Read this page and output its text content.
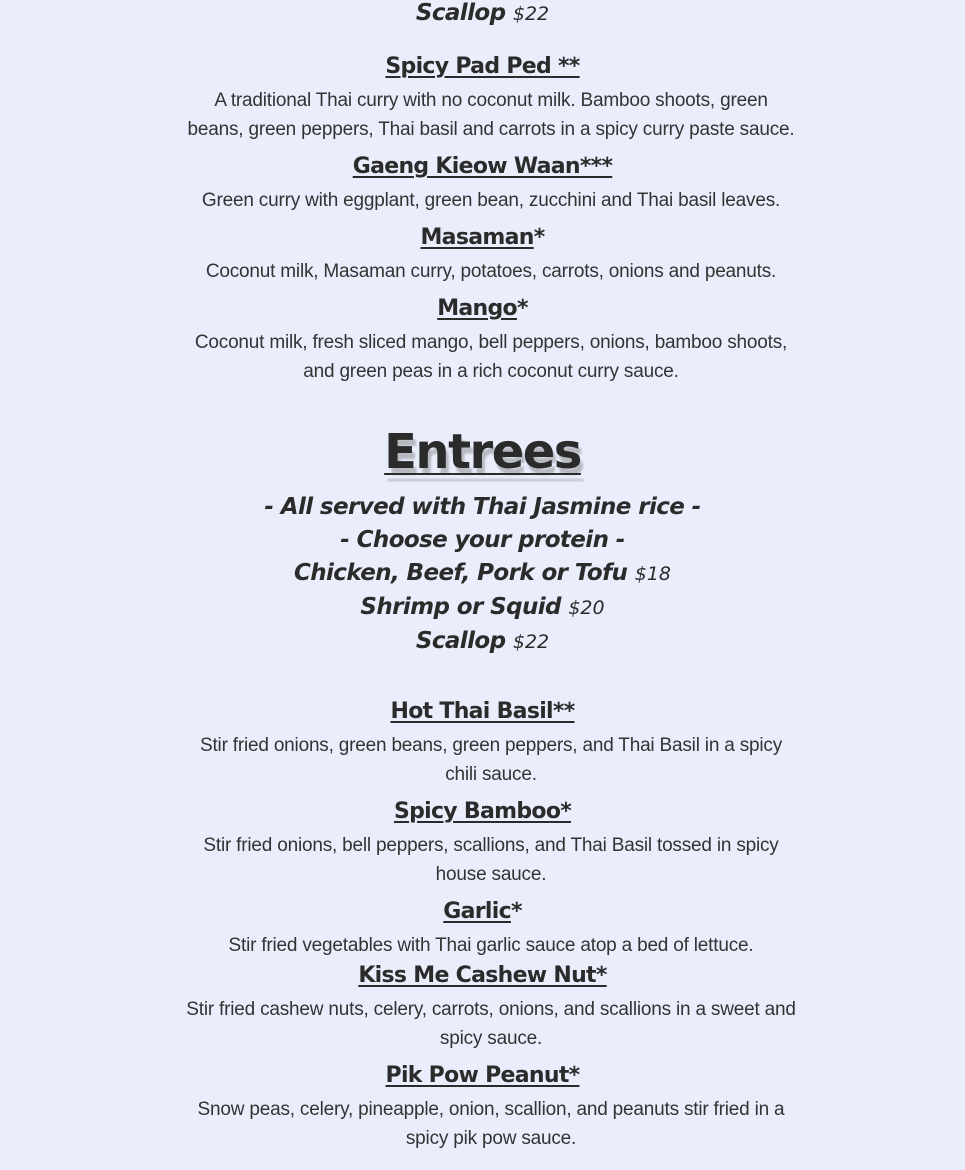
Scallop $22
Spicy Pad Ped **
A traditional Thai curry with no coconut milk. Bamboo shoots, green beans, green peppers, Thai basil and carrots in a spicy curry paste sauce.
Gaeng Kieow Waan***
Green curry with eggplant, green bean, zucchini and Thai basil leaves.
Masaman*
Coconut milk, Masaman curry, potatoes, carrots, onions and peanuts.
Mango*
Coconut milk, fresh sliced mango, bell peppers, onions, bamboo shoots, and green peas in a rich coconut curry sauce.
Entrees
- All served with Thai Jasmine rice -
- Choose your protein -
Chicken, Beef, Pork or Tofu $18
Shrimp or Squid $20
Scallop $22
Hot Thai Basil**
Stir fried onions, green beans, green peppers, and Thai Basil in a spicy chili sauce.
Spicy Bamboo*
Stir fried onions, bell peppers, scallions, and Thai Basil tossed in spicy house sauce.
Garlic*
Stir fried vegetables with Thai garlic sauce atop a bed of lettuce.
Kiss Me Cashew Nut*
Stir fried cashew nuts, celery, carrots, onions, and scallions in a sweet and spicy sauce.
Pik Pow Peanut*
Snow peas, celery, pineapple, onion, scallion, and peanuts stir fried in a spicy pik pow sauce.
